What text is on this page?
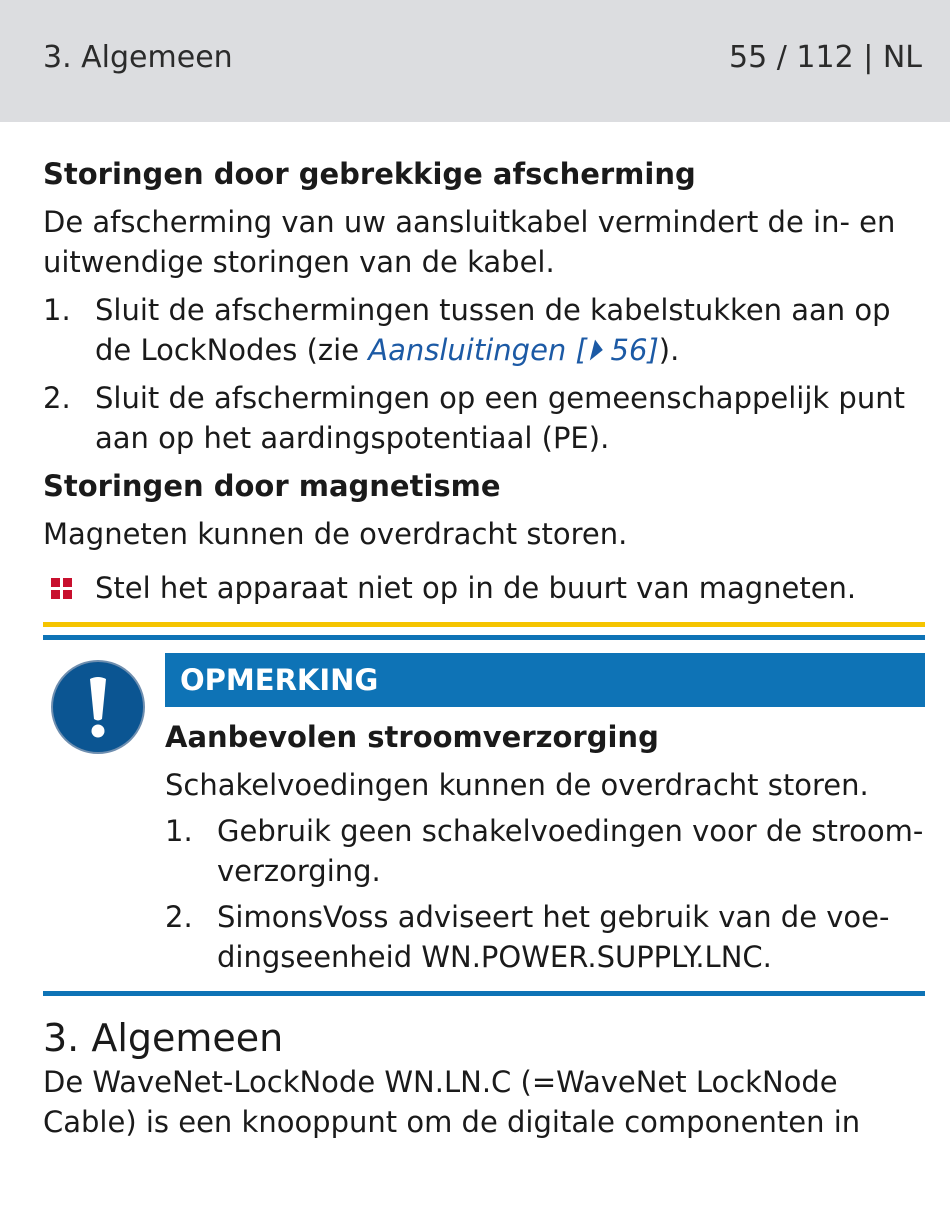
3. Algemeen	55 / 112 | NL
Storingen door gebrekkige afscherming
De afscherming van uw aansluitkabel vermindert de in- en
uitwendige storingen van de kabel.
1. Sluit de afschermingen tussen de kabelstukken aan op
de LockNodes (zie Aansluitingen [⏵ 56]).
2. Sluit de afschermingen op een gemeenschappelijk punt
aan op het aardingspotentiaal (PE).
Storingen door magnetisme
Magneten kunnen de overdracht storen.
Stel het apparaat niet op in de buurt van magneten.
OPMERKING
Aanbevolen stroomverzorging
Schakelvoedingen kunnen de overdracht storen.
1. Gebruik geen schakelvoedingen voor de stroom-
verzorging.
2. SimonsVoss adviseert het gebruik van de voe-
dingseenheid WN.POWER.SUPPLY.LNC.
3. Algemeen
De WaveNet-LockNode WN.LN.C (=WaveNet LockNode
Cable) is een knooppunt om de digitale componenten in
